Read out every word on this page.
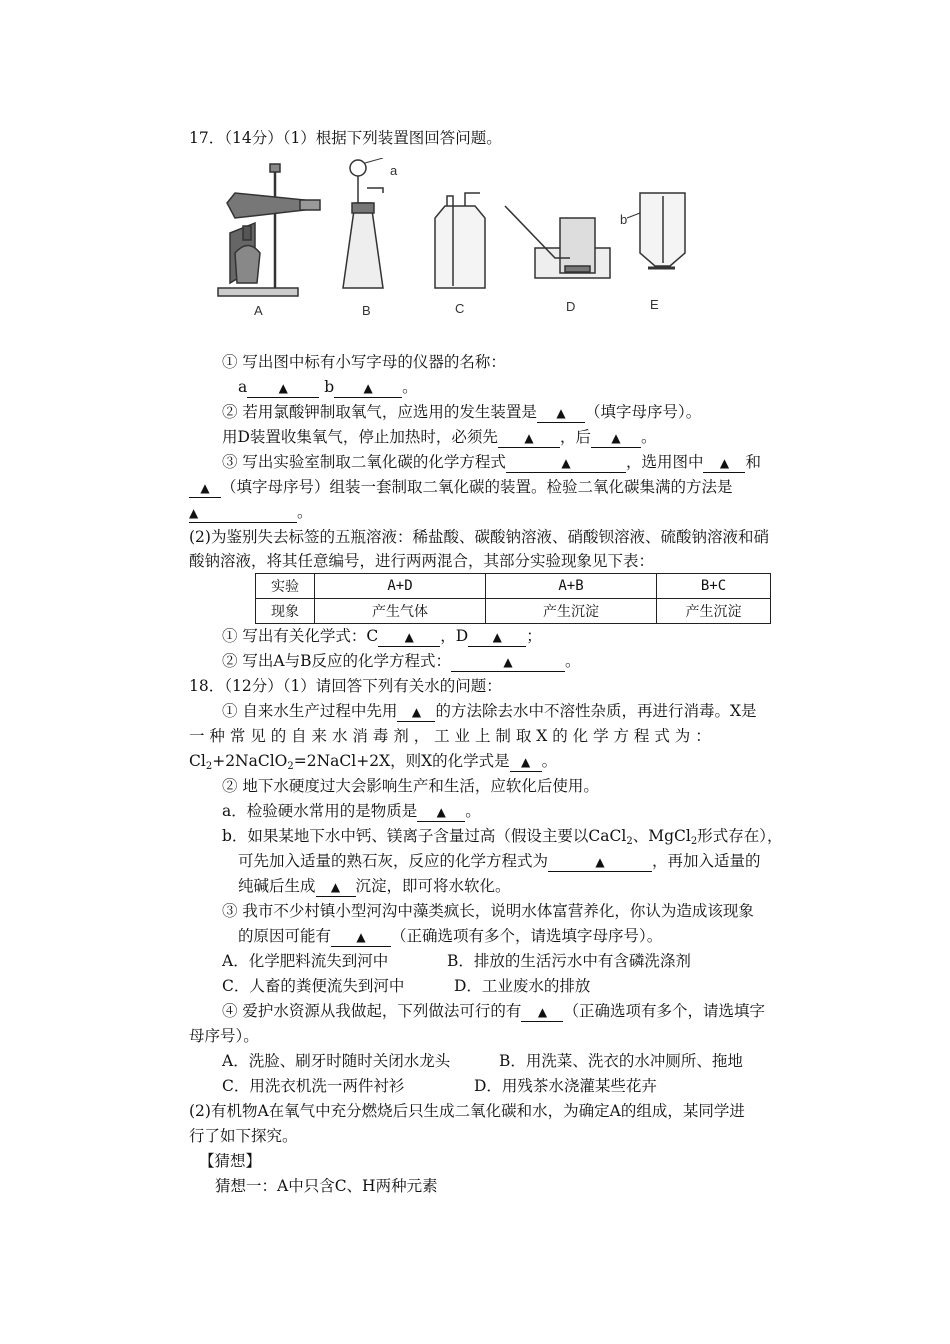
17．（14分）（1）根据下列装置图回答问题。
a
b
A	B	C	D	E
① 写出图中标有小写字母的仪器的名称：
a	▲ b ▲ 。
② 若用氯酸钾制取氧气，应选用的发生装置是 ▲ （填字母序号）。
用D装置收集氧气，停止加热时，必须先 ▲ ，后 ▲ 。
③ 写出实验室制取二氧化碳的化学方程式	▲	，选用图中 ▲ 和
▲ （填字母序号）组装一套制取二氧化碳的装置。检验二氧化碳集满的方法是
▲	。
(2)为鉴别失去标签的五瓶溶液：稀盐酸、碳酸钠溶液、硝酸钡溶液、硫酸钠溶液和硝
酸钠溶液，将其任意编号，进行两两混合，其部分实验现象见下表：
实验	A+D	A+B	B+C
现象	产生气体	产生沉淀	产生沉淀
① 写出有关化学式：C ▲ ，D ▲ ；
② 写出A与B反应的化学方程式：	▲	。
18．（12分）（1）请回答下列有关水的问题：
① 自来水生产过程中先用 ▲ 的方法除去水中不溶性杂质，再进行消毒。X是
一 种 常 见 的 自 来 水 消 毒 剂 ， 工 业 上 制 取 X 的 化 学 方 程 式 为 ：
$Cl_2+2NaClO_2=2NaCl+2X$，则X的化学式是 ▲ 。
② 地下水硬度过大会影响生产和生活，应软化后使用。
a．检验硬水常用的是物质是 ▲ 。
b．如果某地下水中钙、镁离子含量过高（假设主要以CaCl$_2$、MgCl$_2$形式存在），
可先加入适量的熟石灰，反应的化学方程式为	▲	，再加入适量的
纯碱后生成 ▲ 沉淀，即可将水软化。
③ 我市不少村镇小型河沟中藻类疯长，说明水体富营养化，你认为造成该现象
的原因可能有 ▲ （正确选项有多个，请选填字母序号）。
A．化学肥料流失到河中	B．排放的生活污水中有含磷洗涤剂
C．人畜的粪便流失到河中	D．工业废水的排放
④ 爱护水资源从我做起，下列做法可行的有 ▲ （正确选项有多个，请选填字
母序号）。
A．洗脸、刷牙时随时关闭水龙头	B．用洗菜、洗衣的水冲厕所、拖地
C．用洗衣机洗一两件衬衫	D．用残茶水浇灌某些花卉
(2)有机物A在氧气中充分燃烧后只生成二氧化碳和水，为确定A的组成，某同学进
行了如下探究。
【猜想】
猜想一：A中只含C、H两种元素
